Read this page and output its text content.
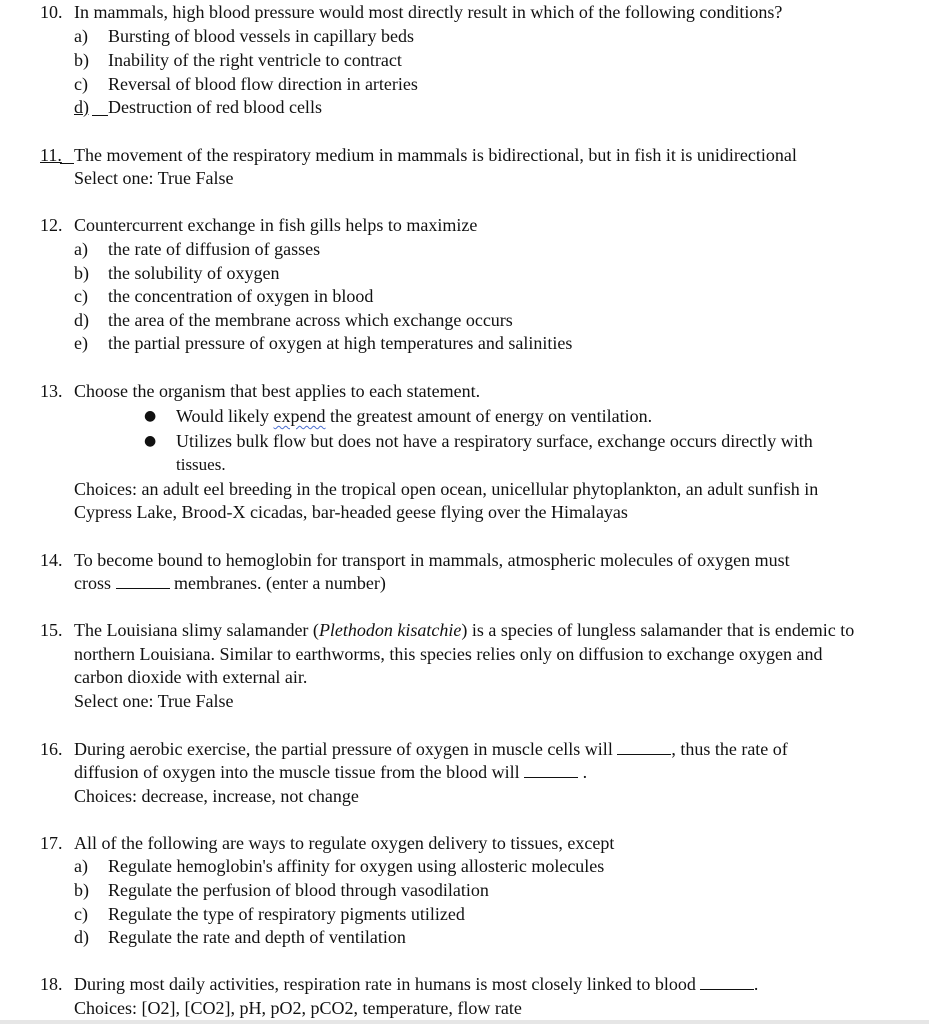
10. In mammals, high blood pressure would most directly result in which of the following conditions?
a) Bursting of blood vessels in capillary beds
b) Inability of the right ventricle to contract
c) Reversal of blood flow direction in arteries
d) Destruction of red blood cells
11. The movement of the respiratory medium in mammals is bidirectional, but in fish it is unidirectional
Select one: True False
12. Countercurrent exchange in fish gills helps to maximize
a) the rate of diffusion of gasses
b) the solubility of oxygen
c) the concentration of oxygen in blood
d) the area of the membrane across which exchange occurs
e) the partial pressure of oxygen at high temperatures and salinities
13. Choose the organism that best applies to each statement.
● Would likely expend the greatest amount of energy on ventilation.
● Utilizes bulk flow but does not have a respiratory surface, exchange occurs directly with
tissues.
Choices: an adult eel breeding in the tropical open ocean, unicellular phytoplankton, an adult sunfish in
Cypress Lake, Brood-X cicadas, bar-headed geese flying over the Himalayas
14. To become bound to hemoglobin for transport in mammals, atmospheric molecules of oxygen must
cross	membranes. (enter a number)
15. The Louisiana slimy salamander (Plethodon kisatchie) is a species of lungless salamander that is endemic to
northern Louisiana. Similar to earthworms, this species relies only on diffusion to exchange oxygen and
carbon dioxide with external air.
Select one: True False
16. During aerobic exercise, the partial pressure of oxygen in muscle cells will	, thus the rate of
diffusion of oxygen into the muscle tissue from the blood will	.
Choices: decrease, increase, not change
17. All of the following are ways to regulate oxygen delivery to tissues, except
a) Regulate hemoglobin's affinity for oxygen using allosteric molecules
b) Regulate the perfusion of blood through vasodilation
c) Regulate the type of respiratory pigments utilized
d) Regulate the rate and depth of ventilation
18. During most daily activities, respiration rate in humans is most closely linked to blood	.
Choices: [O2], [CO2], pH, pO2, pCO2, temperature, flow rate
